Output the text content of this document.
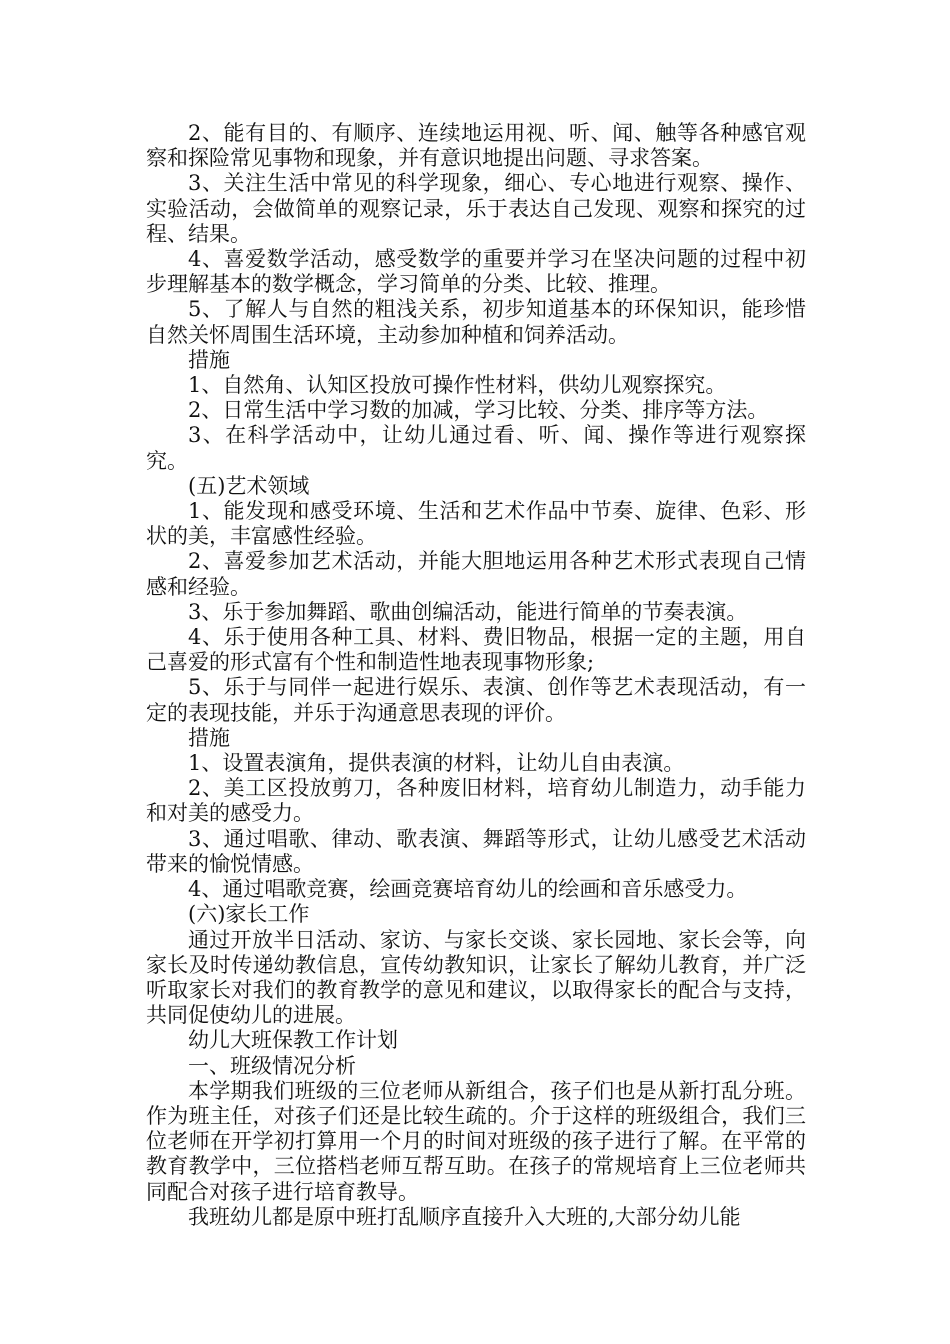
2、能有目的、有顺序、连续地运用视、听、闻、触等各种感官观察和探险常见事物和现象，并有意识地提出问题、寻求答案。

3、关注生活中常见的科学现象，细心、专心地进行观察、操作、实验活动，会做简单的观察记录，乐于表达自己发现、观察和探究的过程、结果。

4、喜爱数学活动，感受数学的重要并学习在坚决问题的过程中初步理解基本的数学概念，学习简单的分类、比较、推理。

5、了解人与自然的粗浅关系，初步知道基本的环保知识，能珍惜自然关怀周围生活环境，主动参加种植和饲养活动。

措施

1、自然角、认知区投放可操作性材料，供幼儿观察探究。

2、日常生活中学习数的加减，学习比较、分类、排序等方法。

3、在科学活动中，让幼儿通过看、听、闻、操作等进行观察探究。

(五)艺术领域

1、能发现和感受环境、生活和艺术作品中节奏、旋律、色彩、形状的美，丰富感性经验。

2、喜爱参加艺术活动，并能大胆地运用各种艺术形式表现自己情感和经验。

3、乐于参加舞蹈、歌曲创编活动，能进行简单的节奏表演。

4、乐于使用各种工具、材料、费旧物品，根据一定的主题，用自己喜爱的形式富有个性和制造性地表现事物形象;

5、乐于与同伴一起进行娱乐、表演、创作等艺术表现活动，有一定的表现技能，并乐于沟通意思表现的评价。

措施

1、设置表演角，提供表演的材料，让幼儿自由表演。

2、美工区投放剪刀，各种废旧材料，培育幼儿制造力，动手能力和对美的感受力。

3、通过唱歌、律动、歌表演、舞蹈等形式，让幼儿感受艺术活动带来的愉悦情感。

4、通过唱歌竞赛，绘画竞赛培育幼儿的绘画和音乐感受力。

(六)家长工作

通过开放半日活动、家访、与家长交谈、家长园地、家长会等，向家长及时传递幼教信息，宣传幼教知识，让家长了解幼儿教育，并广泛听取家长对我们的教育教学的意见和建议，以取得家长的配合与支持，共同促使幼儿的进展。

幼儿大班保教工作计划

一、班级情况分析

本学期我们班级的三位老师从新组合，孩子们也是从新打乱分班。作为班主任，对孩子们还是比较生疏的。介于这样的班级组合，我们三位老师在开学初打算用一个月的时间对班级的孩子进行了解。在平常的教育教学中，三位搭档老师互帮互助。在孩子的常规培育上三位老师共同配合对孩子进行培育教导。

我班幼儿都是原中班打乱顺序直接升入大班的,大部分幼儿能
